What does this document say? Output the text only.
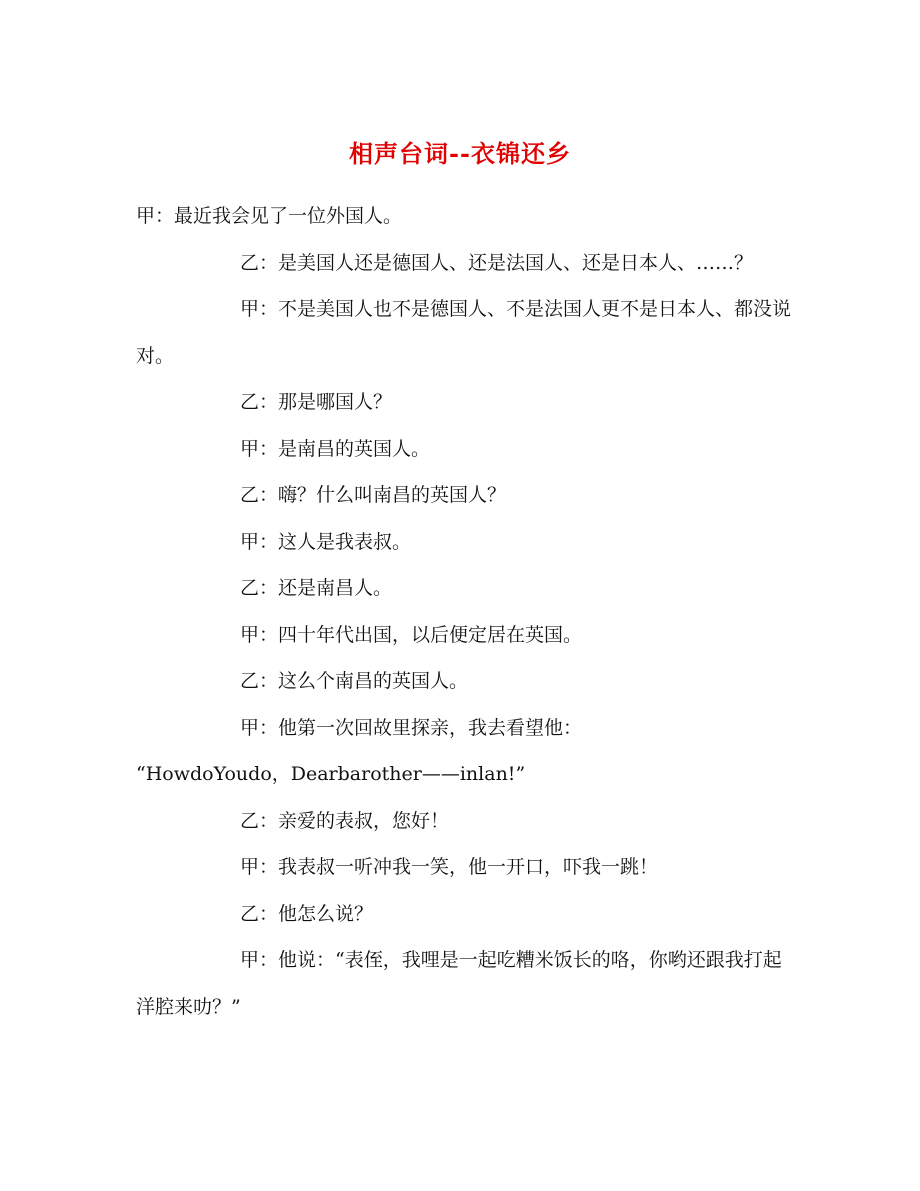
相声台词--衣锦还乡

甲：最近我会见了一位外国人。

乙：是美国人还是德国人、还是法国人、还是日本人、……？

甲：不是美国人也不是德国人、不是法国人更不是日本人、都没说对。

乙：那是哪国人？

甲：是南昌的英国人。

乙：嗨？什么叫南昌的英国人？

甲：这人是我表叔。

乙：还是南昌人。

甲：四十年代出国，以后便定居在英国。

乙：这么个南昌的英国人。

甲：他第一次回故里探亲，我去看望他：

“HowdoYoudo，Dearbarother——inlan!”

乙：亲爱的表叔，您好！

甲：我表叔一听冲我一笑，他一开口，吓我一跳！

乙：他怎么说？

甲：他说：“表侄，我哩是一起吃糟米饭长的咯，你哟还跟我打起洋腔来叻？”
